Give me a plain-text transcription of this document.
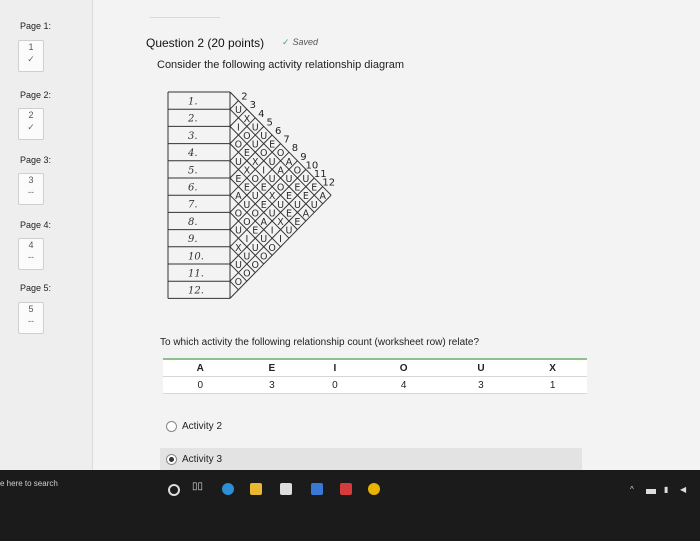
Page 1:
1
✓
Page 2:
2
✓
Page 3:
3
--
Page 4:
4
--
Page 5:
5
--
Question 2 (20 points) ✓ Saved
Consider the following activity relationship diagram
1.
2.
3.
4.
5.
6.
7.
8.
9.
10.
11.
12.
U
I
O
U
E
A
O
U
X
U
O
X
O
E
X
E
U
O
I
U
O
U
U
X
O
U
O
E
U
O
U
O
I
E
E
A
U
O
E
U
U
X
U
I
O
O
A
O
U
X
I
A
U
E
E
U
O
E
U
E
U
E
A
E
U
A
2
3
4
5
6
7
8
9
10
11
12
To which activity the following relationship count (worksheet row) relate?
A	E	I	O	U	X
0	3	0	4	3	1
Activity 2
Activity 3
e here to search	▯▯	^	▮ ◀
